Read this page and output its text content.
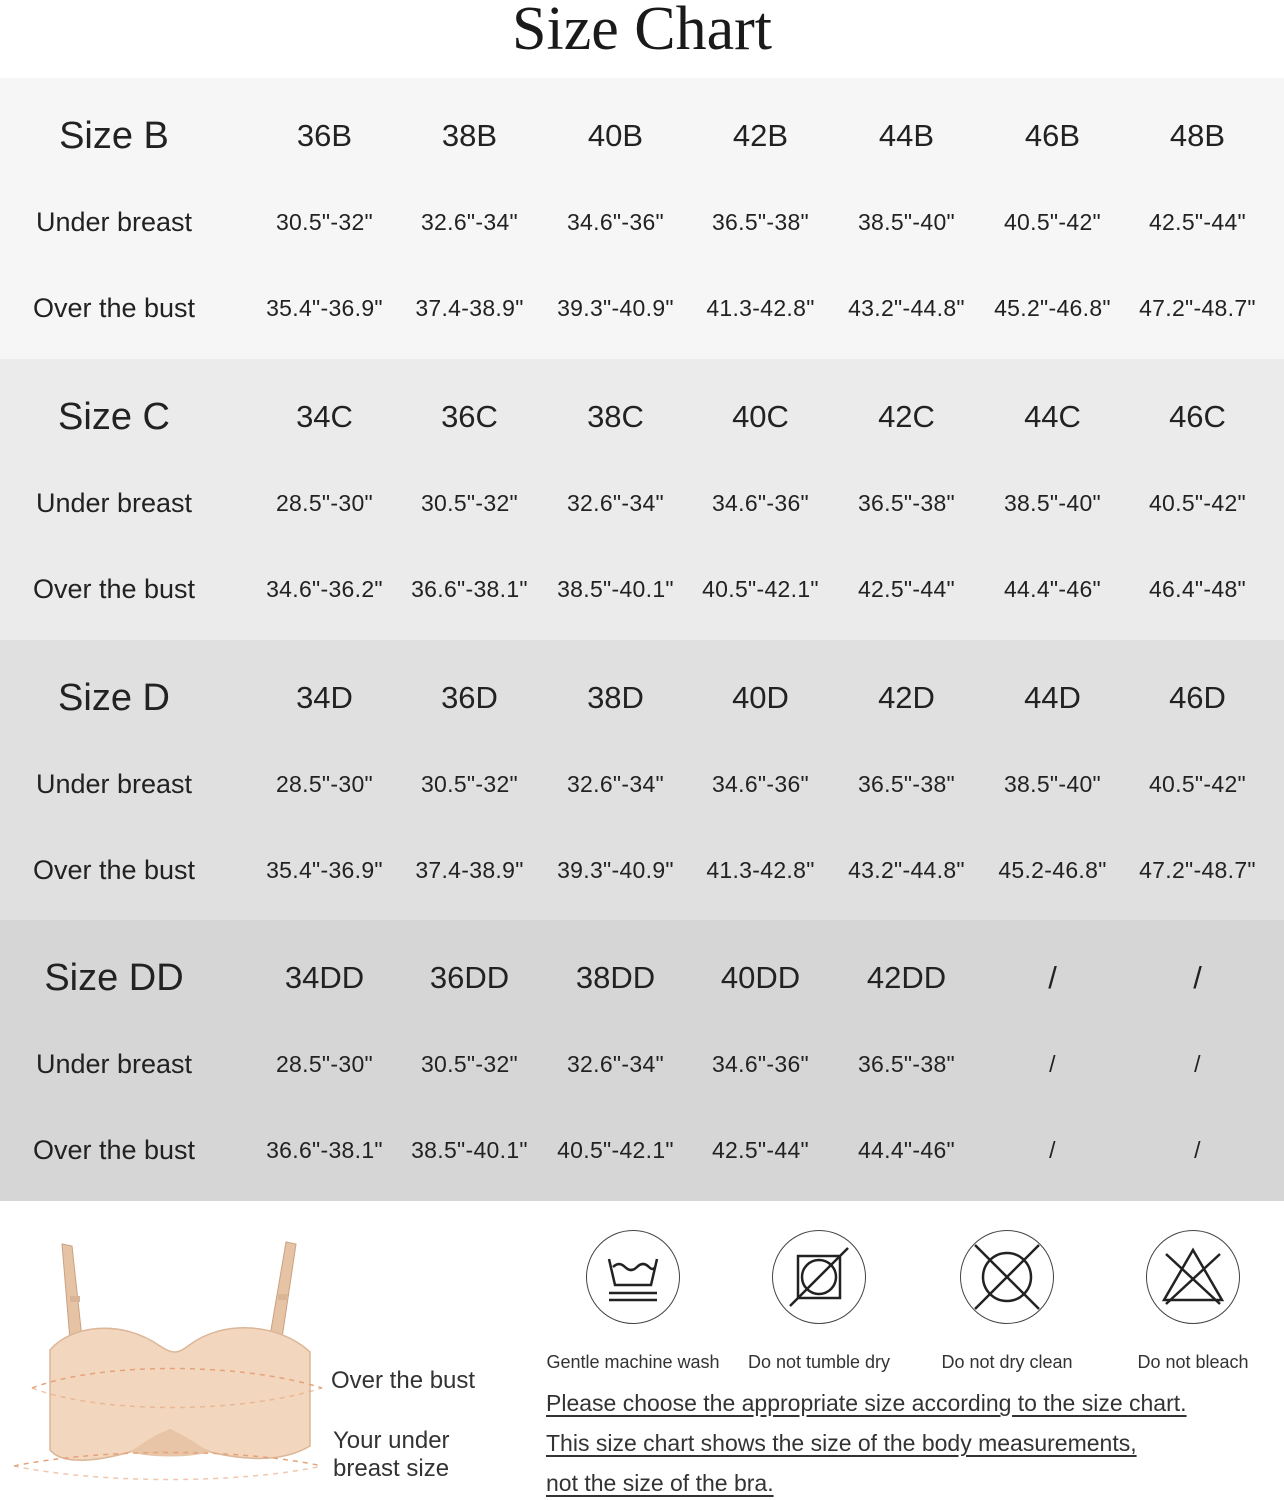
Size Chart
Size B	36B	38B	40B	42B	44B	46B	48B
Under breast	30.5"-32"	32.6"-34"	34.6"-36"	36.5"-38"	38.5"-40"	40.5"-42"	42.5"-44"
Over the bust	35.4"-36.9"	37.4-38.9"	39.3"-40.9"	41.3-42.8"	43.2"-44.8"	45.2"-46.8"	47.2"-48.7"
Size C	34C	36C	38C	40C	42C	44C	46C
Under breast	28.5"-30"	30.5"-32"	32.6"-34"	34.6"-36"	36.5"-38"	38.5"-40"	40.5"-42"
Over the bust	34.6"-36.2"	36.6"-38.1"	38.5"-40.1"	40.5"-42.1"	42.5"-44"	44.4"-46"	46.4"-48"
Size D	34D	36D	38D	40D	42D	44D	46D
Under breast	28.5"-30"	30.5"-32"	32.6"-34"	34.6"-36"	36.5"-38"	38.5"-40"	40.5"-42"
Over the bust	35.4"-36.9"	37.4-38.9"	39.3"-40.9"	41.3-42.8"	43.2"-44.8"	45.2-46.8"	47.2"-48.7"
Size DD	34DD	36DD	38DD	40DD	42DD	/	/
Under breast	28.5"-30"	30.5"-32"	32.6"-34"	34.6"-36"	36.5"-38"	/	/
Over the bust	36.6"-38.1"	38.5"-40.1"	40.5"-42.1"	42.5"-44"	44.4"-46"	/	/
Over the bust
Your under
breast size
Gentle machine wash	Do not tumble dry	Do not dry clean	Do not bleach
Please choose the appropriate size according to the size chart.
This size chart shows the size of the body measurements,
not the size of the bra.
